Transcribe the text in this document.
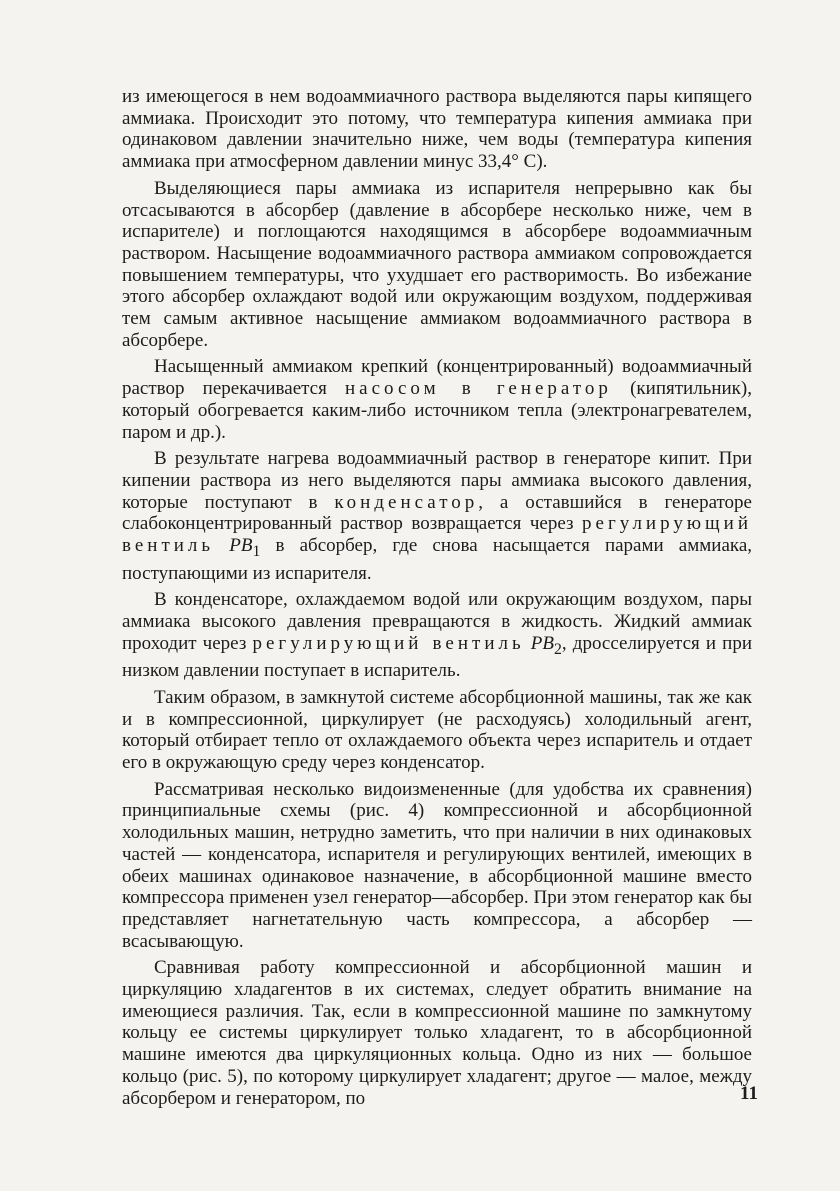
из имеющегося в нем водоаммиачного раствора выделяются пары кипящего аммиака. Происходит это потому, что температура кипения аммиака при одинаковом давлении значительно ниже, чем воды (температура кипения аммиака при атмосферном давлении минус 33,4° C).

Выделяющиеся пары аммиака из испарителя непрерывно как бы отсасываются в абсорбер (давление в абсорбере несколько ниже, чем в испарителе) и поглощаются находящимся в абсорбере водоаммиачным раствором. Насыщение водоаммиачного раствора аммиаком сопровождается повышением температуры, что ухудшает его растворимость. Во избежание этого абсорбер охлаждают водой или окружающим воздухом, поддерживая тем самым активное насыщение аммиаком водоаммиачного раствора в абсорбере.

Насыщенный аммиаком крепкий (концентрированный) водоаммиачный раствор перекачивается насосом в генератор (кипятильник), который обогревается каким-либо источником тепла (электронагревателем, паром и др.).

В результате нагрева водоаммиачный раствор в генераторе кипит. При кипении раствора из него выделяются пары аммиака высокого давления, которые поступают в конденсатор, а оставшийся в генераторе слабоконцентрированный раствор возвращается через регулирующий вентиль $PB_1$ в абсорбер, где снова насыщается парами аммиака, поступающими из испарителя.

В конденсаторе, охлаждаемом водой или окружающим воздухом, пары аммиака высокого давления превращаются в жидкость. Жидкий аммиак проходит через регулирующий вентиль $PB_2$, дросселируется и при низком давлении поступает в испаритель.

Таким образом, в замкнутой системе абсорбционной машины, так же как и в компрессионной, циркулирует (не расходуясь) холодильный агент, который отбирает тепло от охлаждаемого объекта через испаритель и отдает его в окружающую среду через конденсатор.

Рассматривая несколько видоизмененные (для удобства их сравнения) принципиальные схемы (рис. 4) компрессионной и абсорбционной холодильных машин, нетрудно заметить, что при наличии в них одинаковых частей — конденсатора, испарителя и регулирующих вентилей, имеющих в обеих машинах одинаковое назначение, в абсорбционной машине вместо компрессора применен узел генератор—абсорбер. При этом генератор как бы представляет нагнетательную часть компрессора, а абсорбер — всасывающую.

Сравнивая работу компрессионной и абсорбционной машин и циркуляцию хладагентов в их системах, следует обратить внимание на имеющиеся различия. Так, если в компрессионной машине по замкнутому кольцу ее системы циркулирует только хладагент, то в абсорбционной машине имеются два циркуляционных кольца. Одно из них — большое кольцо (рис. 5), по которому циркулирует хладагент; другое — малое, между абсорбером и генератором, по	11
